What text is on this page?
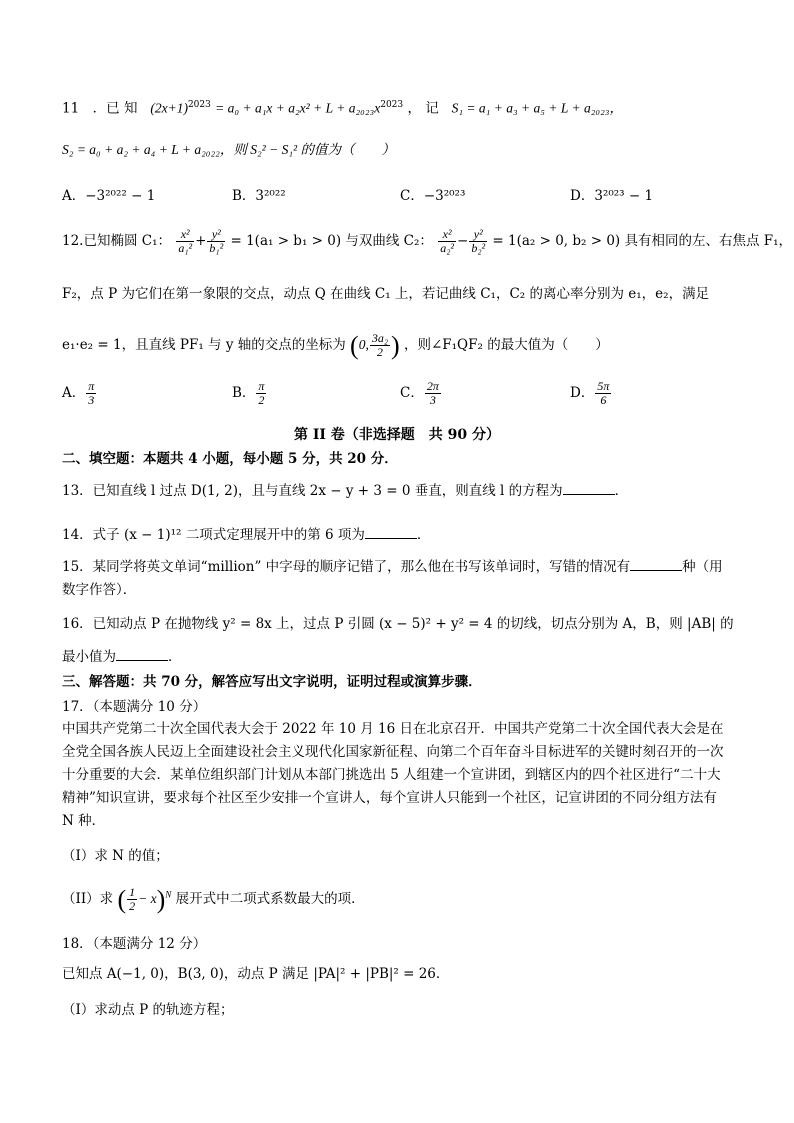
11　．已 知 $(2x+1)^{2023} = a_0 + a_1x + a_2x^2 + L + a_{2023}x^{2023}$ ， 记 S₁ = a₁ + a₃ + a₅ + L + a₂₀₂₃，
S₂ = a₀ + a₂ + a₄ + L + a₂₀₂₂，则 S₂² − S₁² 的值为（　　）
A．−3²⁰²² − 1	B．3²⁰²²	C．−3²⁰²³	D．3²⁰²³ − 1
12.已知椭圆 C₁： $\frac{\text{x²}}{\text{a₁²}} + \frac{\text{y²}}{\text{b₁²}} = 1(a_1 > b_1 > 0)$ 与双曲线 C₂： $\frac{\text{x²}}{\text{a₂²}} - \frac{\text{y²}}{\text{b₂²}} = 1(a_2 > 0$, b₂ > 0) 具有相同的左、右焦点 F₁，
F₂，点 P 为它们在第一象限的交点，动点 Q 在曲线 C₁ 上，若记曲线 C₁，C₂ 的离心率分别为 e₁，e₂，满足
e₁·e₂ = 1，且直线 PF₁ 与 y 轴的交点的坐标为 (0, $\frac{\text{3a₂}}{2}$ ) ，则∠F₁QF₂ 的最大值为（　　）
A． $\frac{\pi}{3}$	B． $\frac{\pi}{2}$	C． $\frac{2\pi}{3}$	D． $\frac{5\pi}{6}$
第 II 卷（非选择题　共 90 分）
二、填空题：本题共 4 小题，每小题 5 分，共 20 分．
13．已知直线 l 过点 D(1, 2)，且与直线 2x − y + 3 = 0 垂直，则直线 l 的方程为	．
14．式子 (x − 1)¹² 二项式定理展开中的第 6 项为	．
15．某同学将英文单词“million” 中字母的顺序记错了，那么他在书写该单词时，写错的情况有	种（用
数字作答）．
16．已知动点 P 在抛物线 y² = 8x 上，过点 P 引圆 (x − 5)² + y² = 4 的切线，切点分别为 A，B，则 |AB| 的
最小值为	．
三、解答题：共 70 分，解答应写出文字说明，证明过程或演算步骤．
17．（本题满分 10 分）
中国共产党第二十次全国代表大会于 2022 年 10 月 16 日在北京召开．中国共产党第二十次全国代表大会是在全党全国各族人民迈上全面建设社会主义现代化国家新征程、向第二个百年奋斗目标进军的关键时刻召开的一次十分重要的大会．某单位组织部门计划从本部门挑选出 5 人组建一个宣讲团，到辖区内的四个社区进行“二十大精神”知识宣讲，要求每个社区至少安排一个宣讲人，每个宣讲人只能到一个社区，记宣讲团的不同分组方法有 N 种．
（I）求 N 的值；
（II）求 ( $\frac{1}{2} - x)^N$ 展开式中二项式系数最大的项．
18．（本题满分 12 分）
已知点 A(−1, 0)，B(3, 0)，动点 P 满足 |PA|² + |PB|² = 26．
（I）求动点 P 的轨迹方程；
